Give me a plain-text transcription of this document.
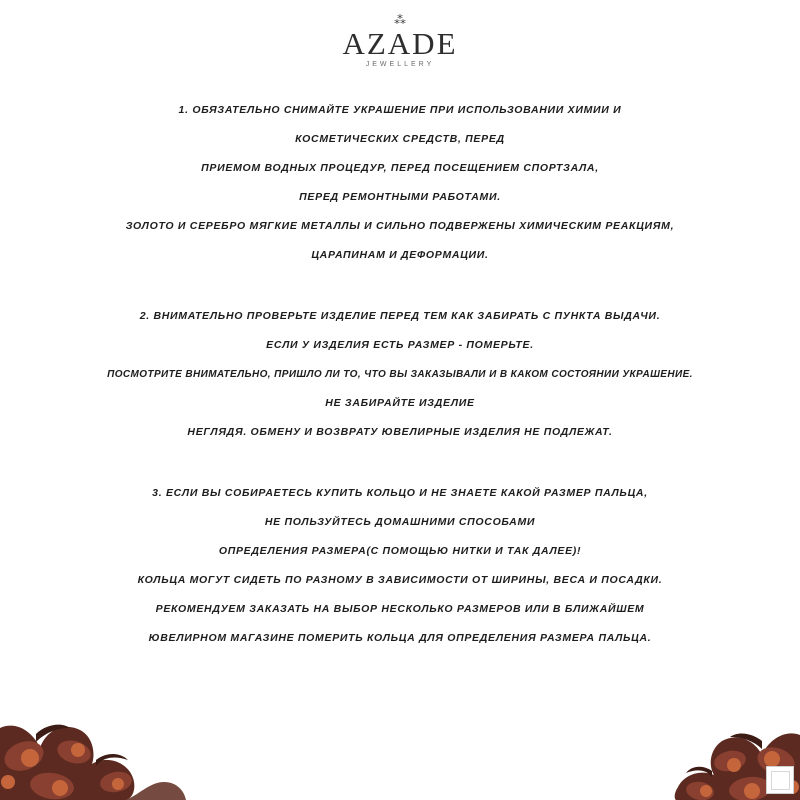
⁂
AZADE
JEWELLERY
1. ОБЯЗАТЕЛЬНО СНИМАЙТЕ УКРАШЕНИЕ ПРИ ИСПОЛЬЗОВАНИИ ХИМИИ И
КОСМЕТИЧЕСКИХ СРЕДСТВ, ПЕРЕД
ПРИЕМОМ ВОДНЫХ ПРОЦЕДУР, ПЕРЕД ПОСЕЩЕНИЕМ СПОРТЗАЛА,
ПЕРЕД РЕМОНТНЫМИ РАБОТАМИ.
ЗОЛОТО И СЕРЕБРО МЯГКИЕ МЕТАЛЛЫ И СИЛЬНО ПОДВЕРЖЕНЫ ХИМИЧЕСКИМ РЕАКЦИЯМ,
ЦАРАПИНАМ И ДЕФОРМАЦИИ.
2. ВНИМАТЕЛЬНО ПРОВЕРЬТЕ ИЗДЕЛИЕ ПЕРЕД ТЕМ КАК ЗАБИРАТЬ С ПУНКТА ВЫДАЧИ.
ЕСЛИ У ИЗДЕЛИЯ ЕСТЬ РАЗМЕР - ПОМЕРЬТЕ.
ПОСМОТРИТЕ ВНИМАТЕЛЬНО, ПРИШЛО ЛИ ТО, ЧТО ВЫ ЗАКАЗЫВАЛИ И В КАКОМ СОСТОЯНИИ УКРАШЕНИЕ.
НЕ ЗАБИРАЙТЕ ИЗДЕЛИЕ
НЕГЛЯДЯ. ОБМЕНУ И ВОЗВРАТУ ЮВЕЛИРНЫЕ ИЗДЕЛИЯ НЕ ПОДЛЕЖАТ.
3. ЕСЛИ ВЫ СОБИРАЕТЕСЬ КУПИТЬ КОЛЬЦО И НЕ ЗНАЕТЕ КАКОЙ РАЗМЕР ПАЛЬЦА,
НЕ ПОЛЬЗУЙТЕСЬ ДОМАШНИМИ СПОСОБАМИ
ОПРЕДЕЛЕНИЯ РАЗМЕРА(С ПОМОЩЬЮ НИТКИ И ТАК ДАЛЕЕ)!
КОЛЬЦА МОГУТ СИДЕТЬ ПО РАЗНОМУ В ЗАВИСИМОСТИ ОТ ШИРИНЫ, ВЕСА И ПОСАДКИ.
РЕКОМЕНДУЕМ ЗАКАЗАТЬ НА ВЫБОР НЕСКОЛЬКО РАЗМЕРОВ ИЛИ В БЛИЖАЙШЕМ
ЮВЕЛИРНОМ МАГАЗИНЕ ПОМЕРИТЬ КОЛЬЦА ДЛЯ ОПРЕДЕЛЕНИЯ РАЗМЕРА ПАЛЬЦА.
